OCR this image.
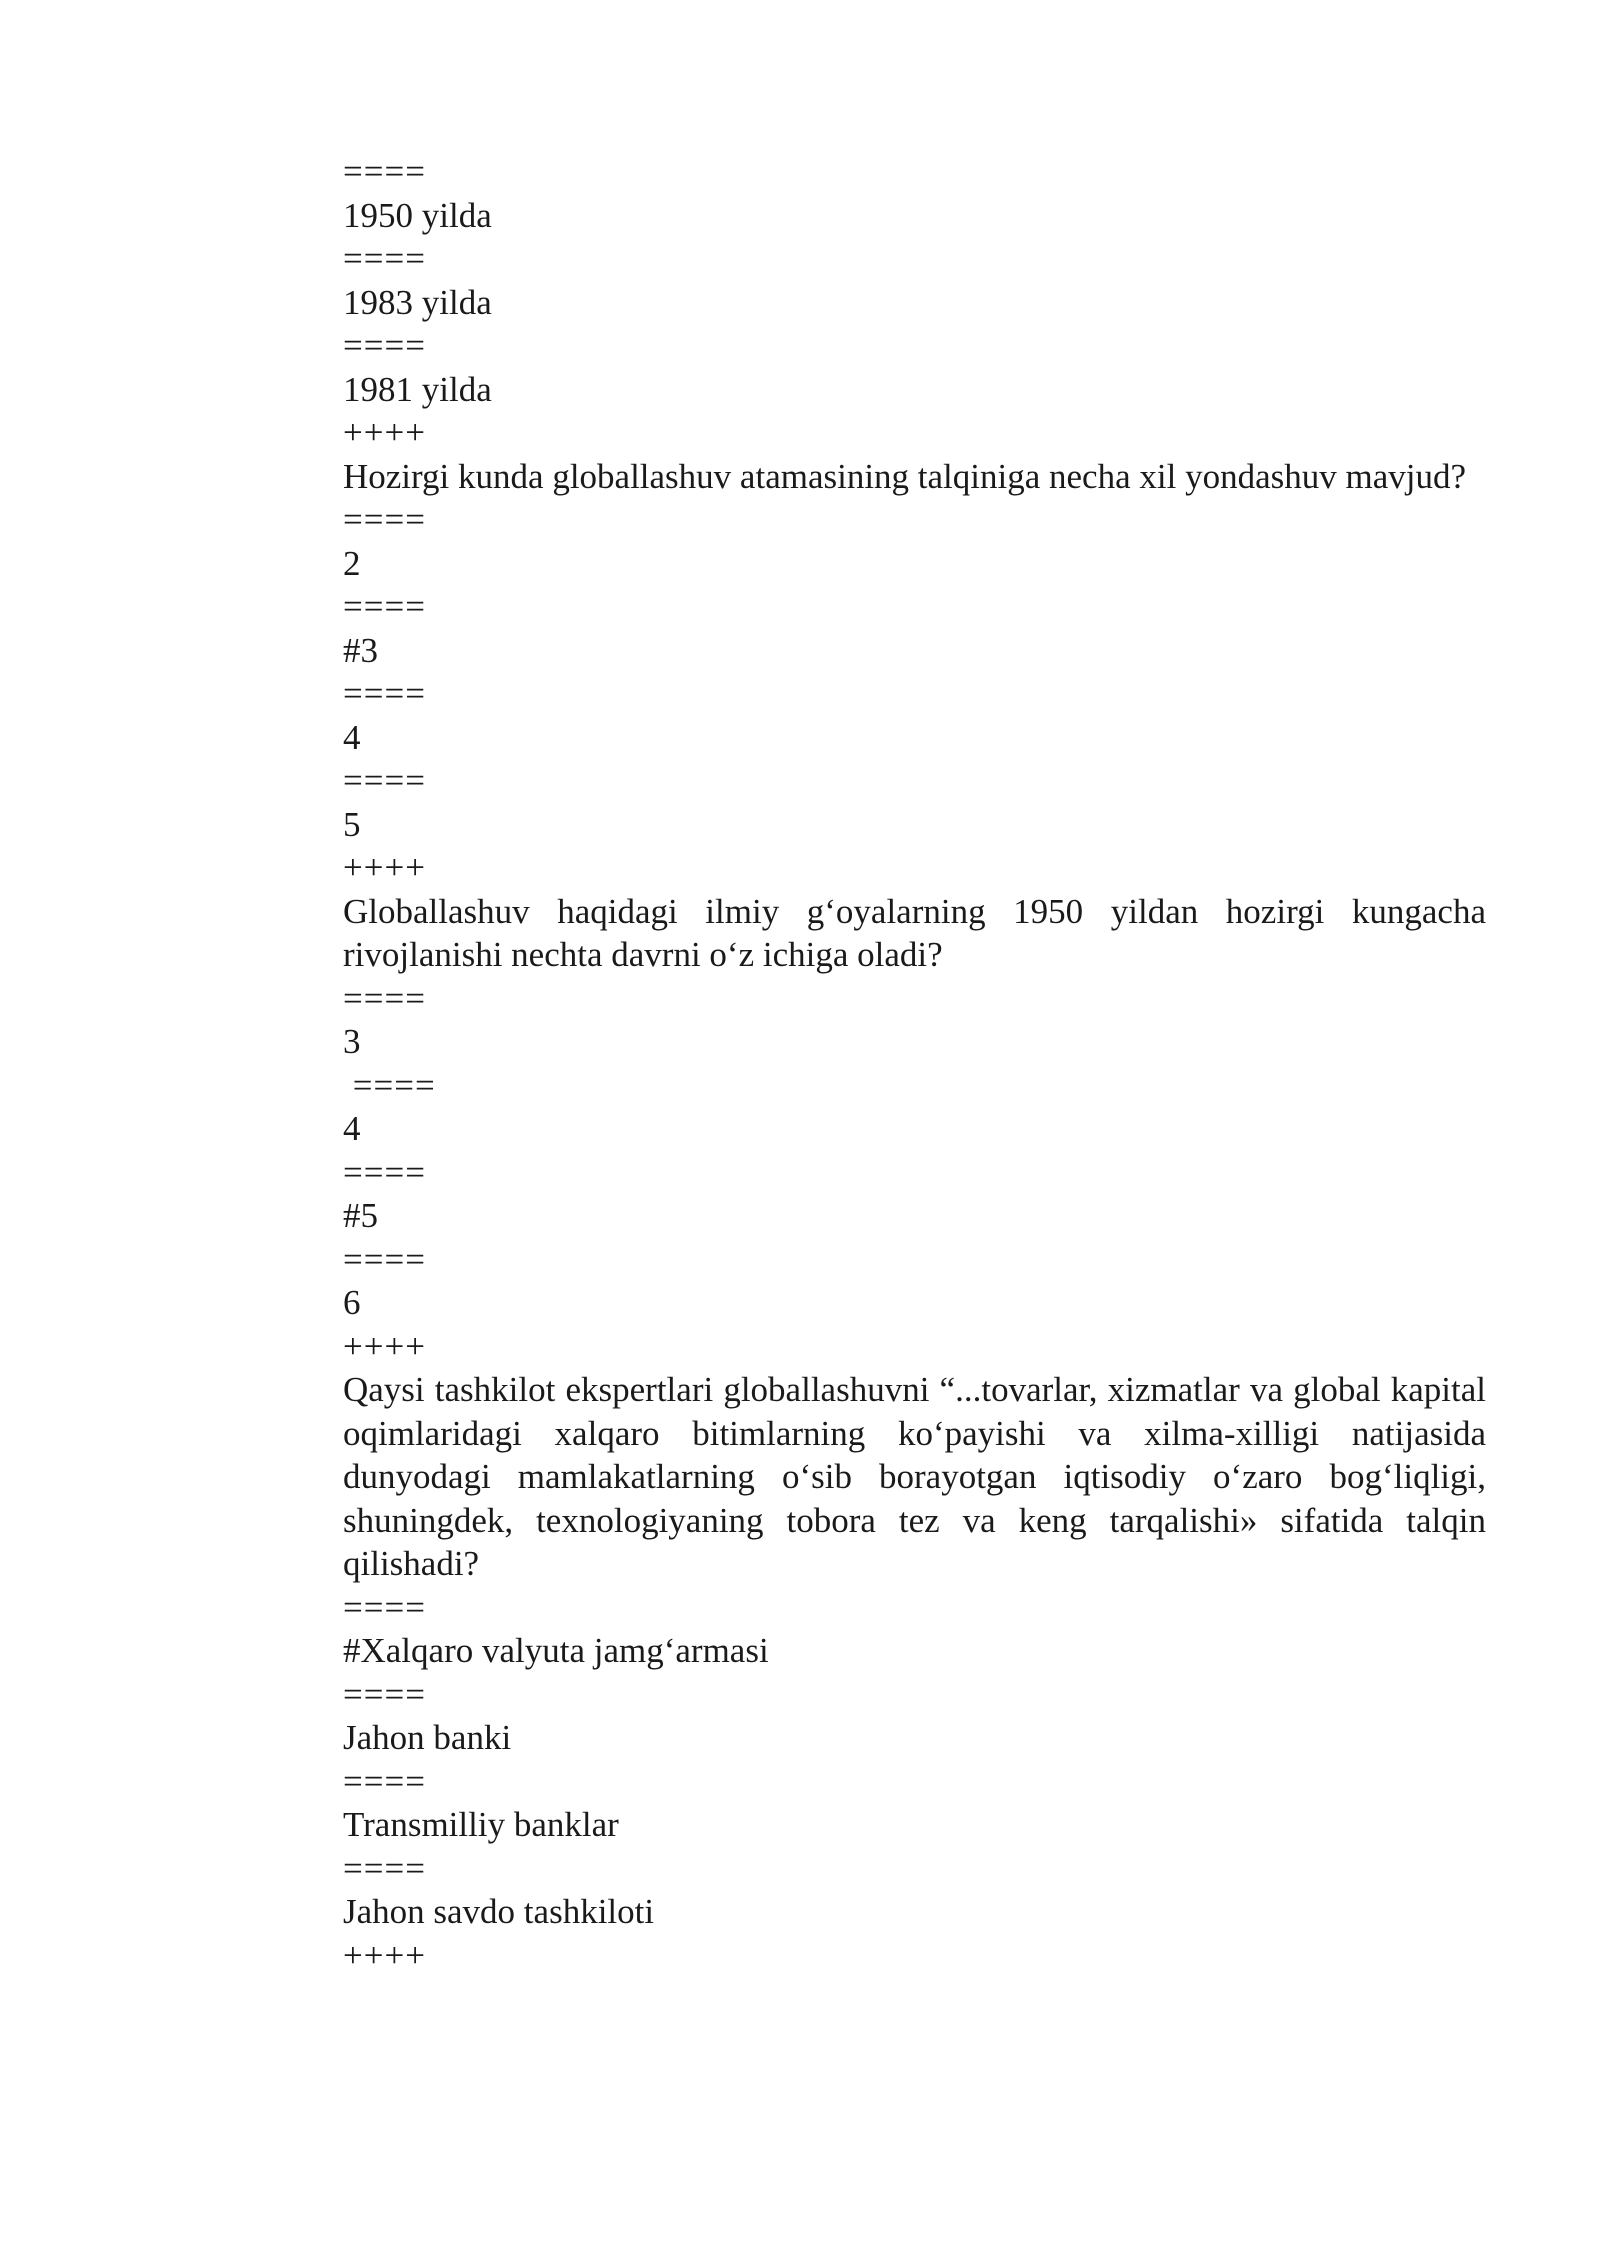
====
1950 yilda
====
1983 yilda
====
1981 yilda
++++
Hozirgi kunda globallashuv atamasining talqiniga necha xil yondashuv mavjud?
====
2
====
#3
====
4
====
5
++++
Globallashuv haqidagi ilmiy g‘oyalarning 1950 yildan hozirgi kungacha rivojlanishi nechta davrni o‘z ichiga oladi?
====
3
====
4
====
#5
====
6
++++
Qaysi tashkilot ekspertlari globallashuvni “...tovarlar, xizmatlar va global kapital oqimlaridagi xalqaro bitimlarning ko‘payishi va xilma-xilligi natijasida dunyodagi mamlakatlarning o‘sib borayotgan iqtisodiy o‘zaro bog‘liqligi, shuningdek, texnologiyaning tobora tez va keng tarqalishi» sifatida talqin qilishadi?
====
#Xalqaro valyuta jamg‘armasi
====
Jahon banki
====
Transmilliy banklar
====
Jahon savdo tashkiloti
++++
